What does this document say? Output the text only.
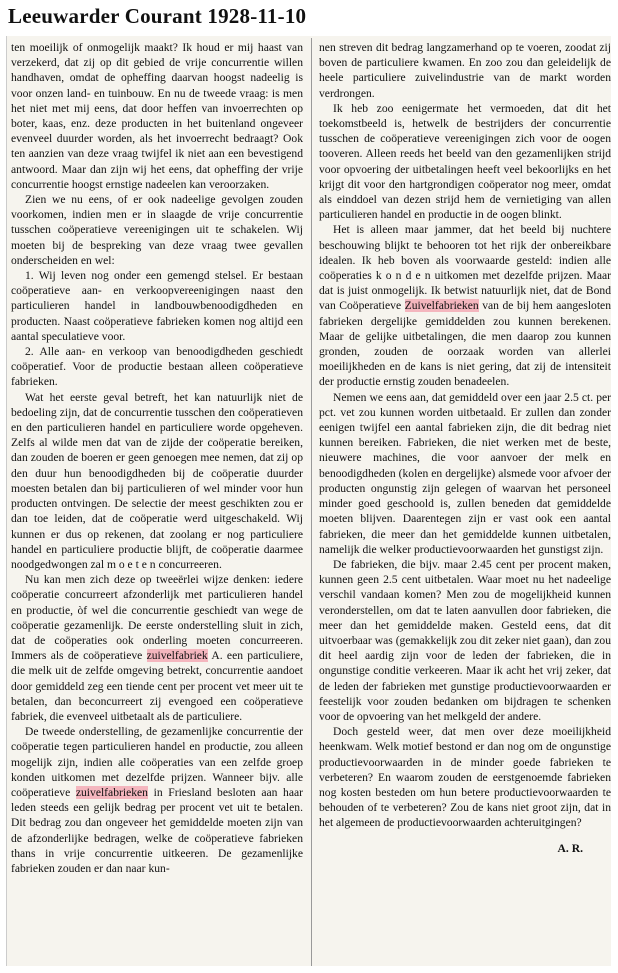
Leeuwarder Courant 1928-11-10

ten moeilijk of onmogelijk maakt? Ik houd er mij haast van verzekerd, dat zij op dit gebied de vrije concurrentie willen handhaven, omdat de opheffing daarvan hoogst nadeelig is voor onzen land- en tuinbouw. En nu de tweede vraag: is men het niet met mij eens, dat door heffen van invoerrechten op boter, kaas, enz. deze producten in het buitenland ongeveer evenveel duurder worden, als het invoerrecht bedraagt? Ook ten aanzien van deze vraag twijfel ik niet aan een bevestigend antwoord. Maar dan zijn wij het eens, dat opheffing der vrije concurrentie hoogst ernstige nadeelen kan veroorzaken.

Zien we nu eens, of er ook nadeelige gevolgen zouden voorkomen, indien men er in slaagde de vrije concurrentie tusschen coöperatieve vereenigingen uit te schakelen. Wij moeten bij de bespreking van deze vraag twee gevallen onderscheiden en wel:

1. Wij leven nog onder een gemengd stelsel. Er bestaan coöperatieve aan- en verkoopvereenigingen naast den particulieren handel in landbouwbenoodigdheden en producten. Naast coöperatieve fabrieken komen nog altijd een aantal speculatieve voor.

2. Alle aan- en verkoop van benoodigdheden geschiedt coöperatief. Voor de productie bestaan alleen coöperatieve fabrieken.

Wat het eerste geval betreft, het kan natuurlijk niet de bedoeling zijn, dat de concurrentie tusschen den coöperatieven en den particulieren handel en particuliere worde opgeheven. Zelfs al wilde men dat van de zijde der coöperatie bereiken, dan zouden de boeren er geen genoegen mee nemen, dat zij op den duur hun benoodigdheden bij de coöperatie duurder moesten betalen dan bij particulieren of wel minder voor hun producten ontvingen. De selectie der meest geschikten zou er dan toe leiden, dat de coöperatie werd uitgeschakeld. Wij kunnen er dus op rekenen, dat zoolang er nog particuliere handel en particuliere productie blijft, de coöperatie daarmee noodgedwongen zal m o e t e n concurreeren.

Nu kan men zich deze op tweeërlei wijze denken: iedere coöperatie concurreert afzonderlijk met particulieren handel en productie, òf wel die concurrentie geschiedt van wege de coöperatie gezamenlijk. De eerste onderstelling sluit in zich, dat de coöperaties ook onderling moeten concurreeren. Immers als de coöperatieve zuivelfabriek A. een particuliere, die melk uit de zelfde omgeving betrekt, concurrentie aandoet door gemiddeld zeg een tiende cent per procent vet meer uit te betalen, dan beconcurreert zij evengoed een coöperatieve fabriek, die evenveel uitbetaalt als de particuliere.

De tweede onderstelling, de gezamenlijke concurrentie der coöperatie tegen particulieren handel en productie, zou alleen mogelijk zijn, indien alle coöperaties van een zelfde groep konden uitkomen met dezelfde prijzen. Wanneer bijv. alle coöperatieve zuivelfabrieken in Friesland besloten aan haar leden steeds een gelijk bedrag per procent vet uit te betalen. Dit bedrag zou dan ongeveer het gemiddelde moeten zijn van de afzonderlijke bedragen, welke de coöperatieve fabrieken thans in vrije concurrentie uitkeeren. De gezamenlijke fabrieken zouden er dan naar kun-

nen streven dit bedrag langzamerhand op te voeren, zoodat zij boven de particuliere kwamen. En zoo zou dan geleidelijk de heele particuliere zuivelindustrie van de markt worden verdrongen.

Ik heb zoo eenigermate het vermoeden, dat dit het toekomstbeeld is, hetwelk de bestrijders der concurrentie tusschen de coöperatieve vereenigingen zich voor de oogen tooveren. Alleen reeds het beeld van den gezamenlijken strijd voor opvoering der uitbetalingen heeft veel bekoorlijks en het krijgt dit voor den hartgrondigen coöperator nog meer, omdat als einddoel van dezen strijd hem de vernietiging van allen particulieren handel en productie in de oogen blinkt.

Het is alleen maar jammer, dat het beeld bij nuchtere beschouwing blijkt te behooren tot het rijk der onbereikbare idealen. Ik heb boven als voorwaarde gesteld: indien alle coöperaties k o n d e n uitkomen met dezelfde prijzen. Maar dat is juist onmogelijk. Ik betwist natuurlijk niet, dat de Bond van Coöperatieve Zuivelfabrieken van de bij hem aangesloten fabrieken dergelijke gemiddelden zou kunnen berekenen. Maar de gelijke uitbetalingen, die men daarop zou kunnen gronden, zouden de oorzaak worden van allerlei moeilijkheden en de kans is niet gering, dat zij de intensiteit der productie ernstig zouden benadeelen.

Nemen we eens aan, dat gemiddeld over een jaar 2.5 ct. per pct. vet zou kunnen worden uitbetaald. Er zullen dan zonder eenigen twijfel een aantal fabrieken zijn, die dit bedrag niet kunnen bereiken. Fabrieken, die niet werken met de beste, nieuwere machines, die voor aanvoer der melk en benoodigdheden (kolen en dergelijke) alsmede voor afvoer der producten ongunstig zijn gelegen of waarvan het personeel minder goed geschoold is, zullen beneden dat gemiddelde moeten blijven. Daarentegen zijn er vast ook een aantal fabrieken, die meer dan het gemiddelde kunnen uitbetalen, namelijk die welker productievoorwaarden het gunstigst zijn.

De fabrieken, die bijv. maar 2.45 cent per procent maken, kunnen geen 2.5 cent uitbetalen. Waar moet nu het nadeelige verschil vandaan komen? Men zou de mogelijkheid kunnen veronderstellen, om dat te laten aanvullen door fabrieken, die meer dan het gemiddelde maken. Gesteld eens, dat dit uitvoerbaar was (gemakkelijk zou dit zeker niet gaan), dan zou dit heel aardig zijn voor de leden der fabrieken, die in ongunstige conditie verkeeren. Maar ik acht het vrij zeker, dat de leden der fabrieken met gunstige productievoorwaarden er feestelijk voor zouden bedanken om bijdragen te schenken voor de opvoering van het melkgeld der andere.

Doch gesteld weer, dat men over deze moeilijkheid heenkwam. Welk motief bestond er dan nog om de ongunstige productievoorwaarden in de minder goede fabrieken te verbeteren? En waarom zouden de eerstgenoemde fabrieken nog kosten besteden om hun betere productievoorwaarden te behouden of te verbeteren? Zou de kans niet groot zijn, dat in het algemeen de productievoorwaarden achteruitgingen?

A. R.
